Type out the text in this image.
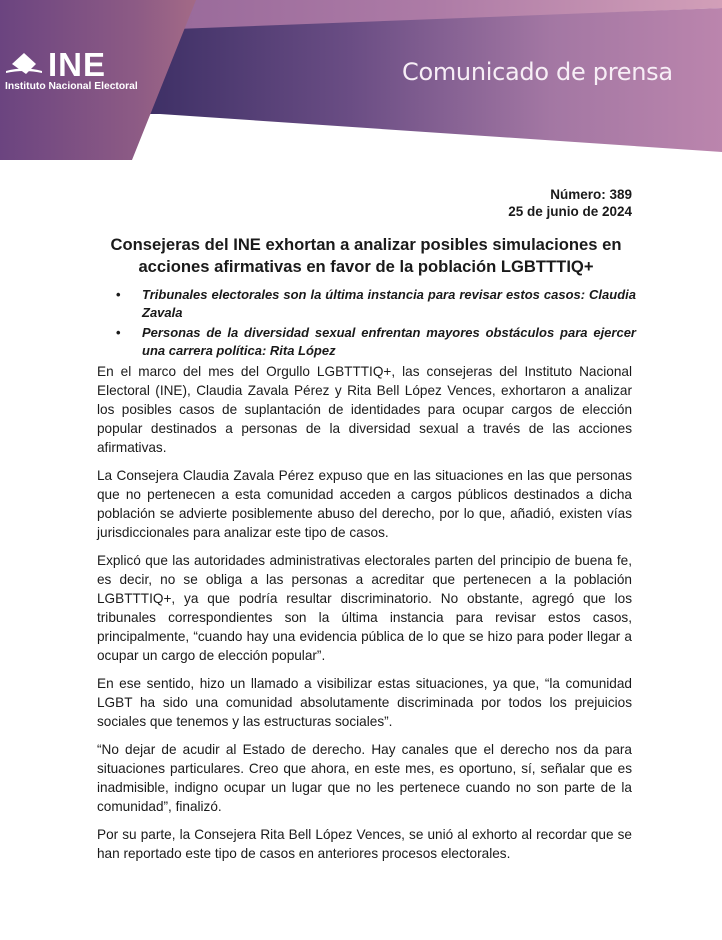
INE
Instituto Nacional Electoral
Comunicado de prensa
Número: 389
25 de junio de 2024
Consejeras del INE exhortan a analizar posibles simulaciones en acciones afirmativas en favor de la población LGBTTTIQ+
• Tribunales electorales son la última instancia para revisar estos casos: Claudia Zavala
• Personas de la diversidad sexual enfrentan mayores obstáculos para ejercer una carrera política: Rita López

En el marco del mes del Orgullo LGBTTTIQ+, las consejeras del Instituto Nacional Electoral (INE), Claudia Zavala Pérez y Rita Bell López Vences, exhortaron a analizar los posibles casos de suplantación de identidades para ocupar cargos de elección popular destinados a personas de la diversidad sexual a través de las acciones afirmativas.

La Consejera Claudia Zavala Pérez expuso que en las situaciones en las que personas que no pertenecen a esta comunidad acceden a cargos públicos destinados a dicha población se advierte posiblemente abuso del derecho, por lo que, añadió, existen vías jurisdiccionales para analizar este tipo de casos.

Explicó que las autoridades administrativas electorales parten del principio de buena fe, es decir, no se obliga a las personas a acreditar que pertenecen a la población LGBTTTIQ+, ya que podría resultar discriminatorio. No obstante, agregó que los tribunales correspondientes son la última instancia para revisar estos casos, principalmente, “cuando hay una evidencia pública de lo que se hizo para poder llegar a ocupar un cargo de elección popular”.

En ese sentido, hizo un llamado a visibilizar estas situaciones, ya que, “la comunidad LGBT ha sido una comunidad absolutamente discriminada por todos los prejuicios sociales que tenemos y las estructuras sociales”.

“No dejar de acudir al Estado de derecho. Hay canales que el derecho nos da para situaciones particulares. Creo que ahora, en este mes, es oportuno, sí, señalar que es inadmisible, indigno ocupar un lugar que no les pertenece cuando no son parte de la comunidad”, finalizó.

Por su parte, la Consejera Rita Bell López Vences, se unió al exhorto al recordar que se han reportado este tipo de casos en anteriores procesos electorales.
